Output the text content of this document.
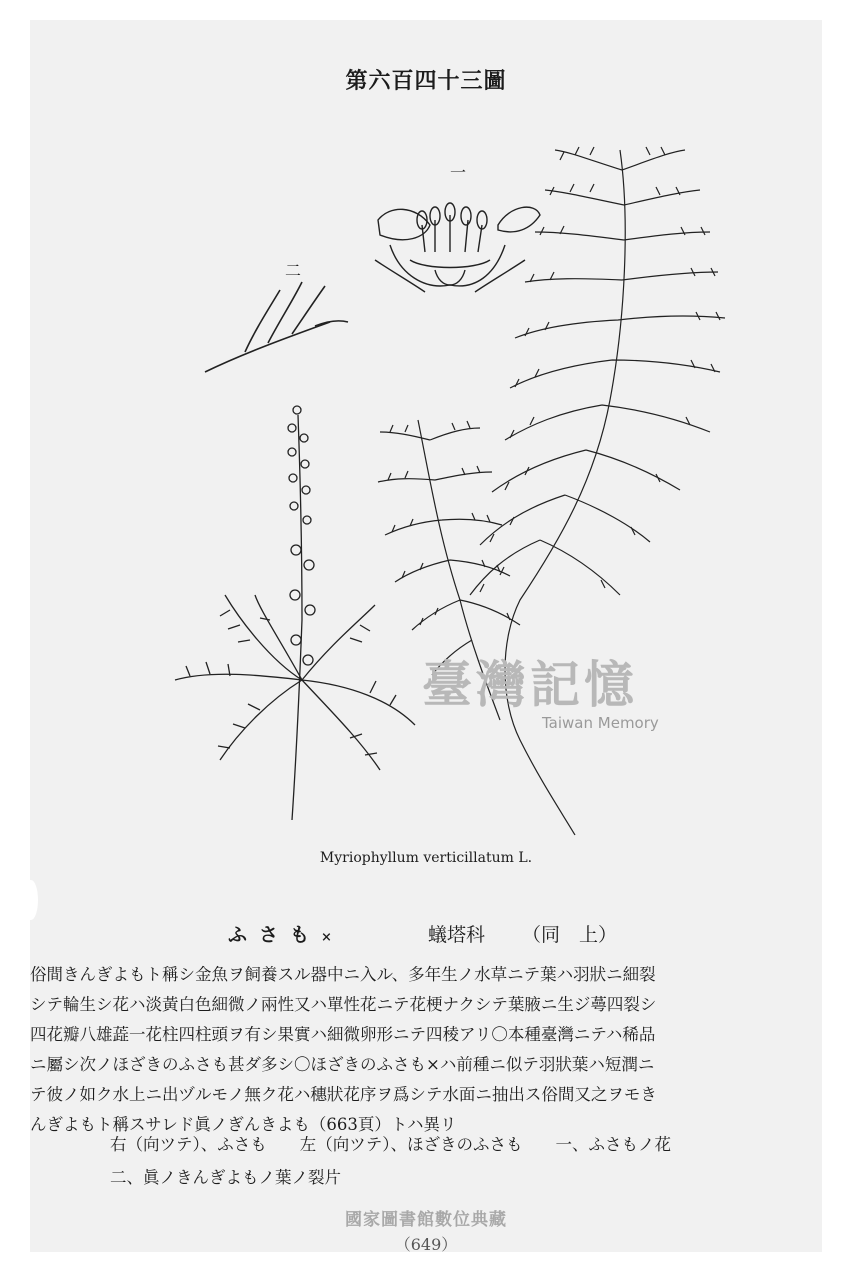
第六百四十三圖
一
二
臺灣記憶
Taiwan Memory
Myriophyllum verticillatum L.
ふさも×	蟻塔科 （同　上）
俗間きんぎよもト稱シ金魚ヲ飼養スル器中ニ入ル、多年生ノ水草ニテ葉ハ羽狀ニ細裂
シテ輪生シ花ハ淡黃白色細微ノ兩性又ハ單性花ニテ花梗ナクシテ葉腋ニ生ジ蕚四裂シ
四花瓣八雄蕋一花柱四柱頭ヲ有シ果實ハ細微卵形ニテ四稜アリ〇本種臺灣ニテハ稀品
ニ屬シ次ノほざきのふさも甚ダ多シ〇ほざきのふさも×ハ前種ニ似テ羽狀葉ハ短潤ニ
テ彼ノ如ク水上ニ出ヅルモノ無ク花ハ穗狀花序ヲ爲シテ水面ニ抽出ス俗間又之ヲモき
んぎよもト稱スサレド眞ノぎんきよも（663頁）トハ異リ
右（向ツテ）、ふさも　　左（向ツテ）、ほざきのふさも　　一、ふさもノ花
二、眞ノきんぎよもノ葉ノ裂片
國家圖書館數位典藏
（649）
